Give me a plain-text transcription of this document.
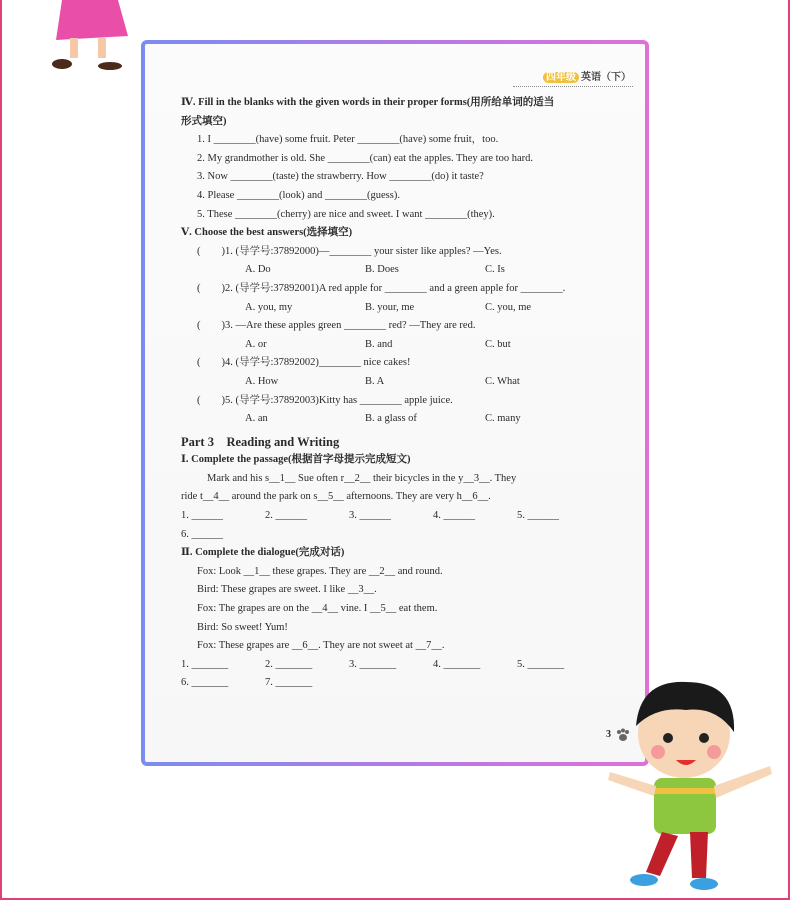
四年级 英语（下）
Ⅳ. Fill in the blanks with the given words in their proper forms(用所给单词的适当
形式填空)
1. I ________(have) some fruit. Peter ________(have) some fruit，too.
2. My grandmother is old. She ________(can) eat the apples. They are too hard.
3. Now ________(taste) the strawberry. How ________(do) it taste?
4. Please ________(look) and ________(guess).
5. These ________(cherry) are nice and sweet. I want ________(they).
Ⅴ. Choose the best answers(选择填空)
(　　)1. (导学号:37892000)—________ your sister like apples? —Yes.
A. Do	B. Does	C. Is
(　　)2. (导学号:37892001)A red apple for ________ and a green apple for ________.
A. you, my	B. your, me	C. you, me
(　　)3. —Are these apples green ________ red? —They are red.
A. or	B. and	C. but
(　　)4. (导学号:37892002)________ nice cakes!
A. How	B. A	C. What
(　　)5. (导学号:37892003)Kitty has ________ apple juice.
A. an	B. a glass of	C. many
Part 3　Reading and Writing
Ⅰ. Complete the passage(根据首字母提示完成短文)
Mark and his s__1__ Sue often r__2__ their bicycles in the y__3__. They
ride t__4__ around the park on s__5__ afternoons. They are very h__6__.
1. ______	2. ______	3. ______	4. ______	5. ______
6. ______
Ⅱ. Complete the dialogue(完成对话)
Fox: Look __1__ these grapes. They are __2__ and round.
Bird: These grapes are sweet. I like __3__.
Fox: The grapes are on the __4__ vine. I __5__ eat them.
Bird: So sweet! Yum!
Fox: These grapes are __6__. They are not sweet at __7__.
1. _______	2. _______	3. _______	4. _______	5. _______
6. _______	7. _______
3
